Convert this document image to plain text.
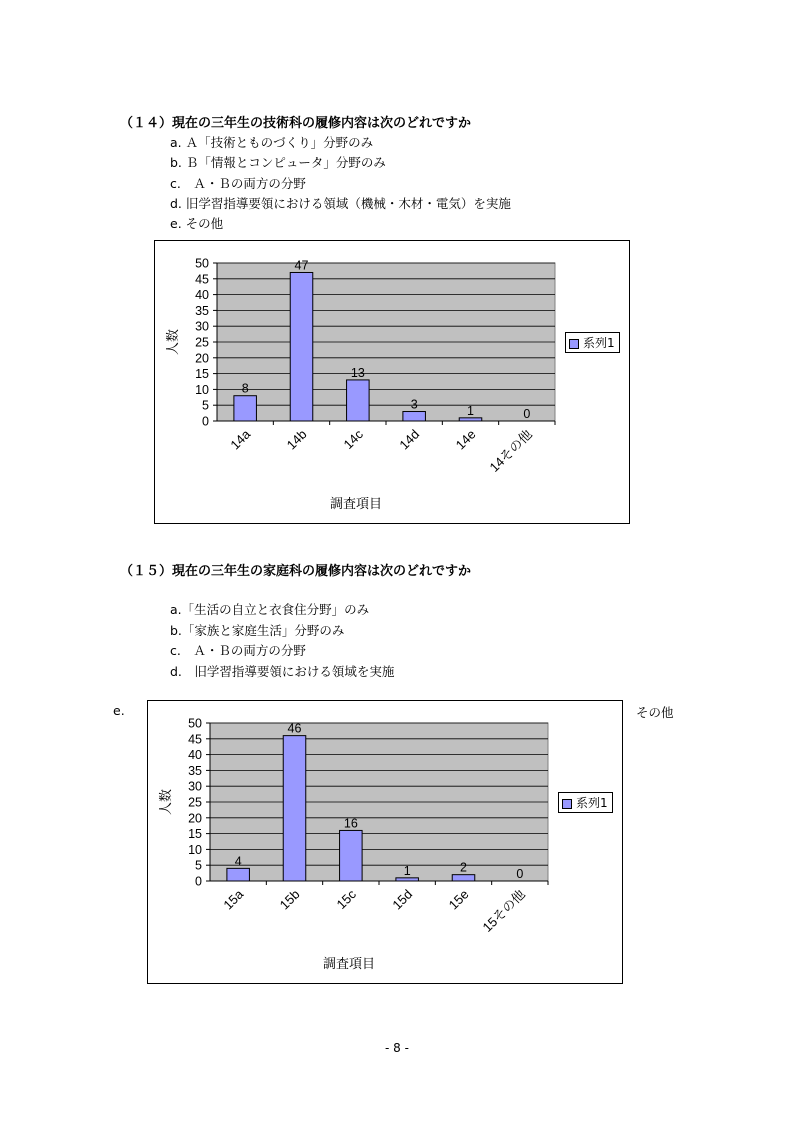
（１４）現在の三年生の技術科の履修内容は次のどれですか
a. Ａ「技術とものづくり」分野のみ
b. Ｂ「情報とコンピュータ」分野のみ
c.　Ａ・Ｂの両方の分野
d. 旧学習指導要領における領域（機械・木材・電気）を実施
e. その他
0
5
10
15
20
25
30
35
40
45
50
8
14a
47
14b
13
14c
3
14d
1
14e
0
14その他
人数
調査項目
系列1
（１５）現在の三年生の家庭科の履修内容は次のどれですか
a.「生活の自立と衣食住分野」のみ
b.「家族と家庭生活」分野のみ
c.　Ａ・Ｂの両方の分野
d.　旧学習指導要領における領域を実施
e.	その他
0
5
10
15
20
25
30
35
40
45
50
4
15a
46
15b
16
15c
1
15d
2
15e
0
15その他
人数
調査項目
系列1
- 8 -
